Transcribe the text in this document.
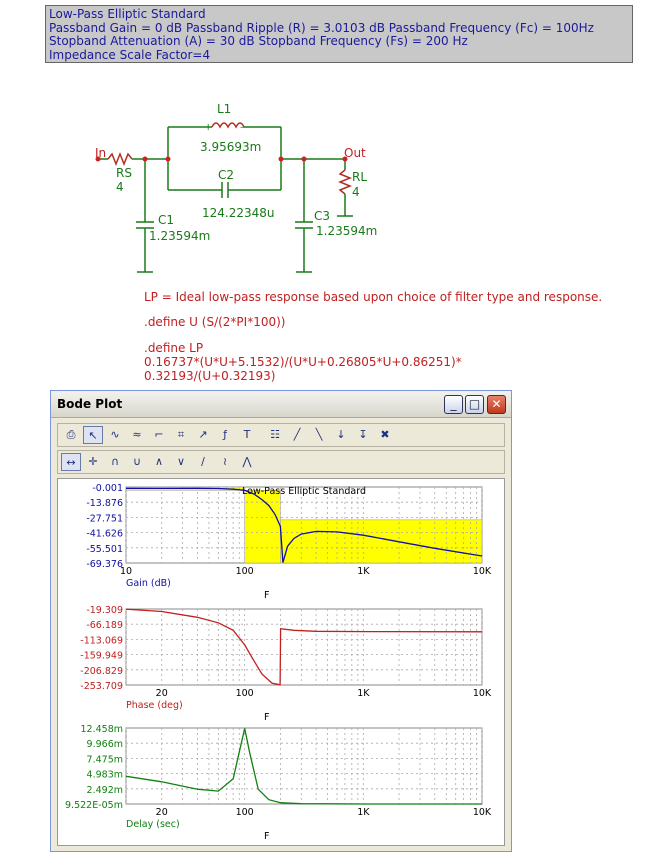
Low-Pass Elliptic Standard
Passband Gain = 0 dB Passband Ripple (R) = 3.0103 dB Passband Frequency (Fc) = 100Hz
Stopband Attenuation (A) = 30 dB Stopband Frequency (Fs) = 200 Hz
Impedance Scale Factor=4
In	Out
RS
4
L1
+	–
3.95693m
C2
124.22348u
C1
1.23594m
C3
1.23594m
RL
4
LP = Ideal low-pass response based upon choice of filter type and response.
.define U (S/(2*PI*100))
.define LP
0.16737*(U*U+5.1532)/(U*U+0.26805*U+0.86251)*
0.32193/(U+0.32193)
Bode Plot	_	□ ✕
⎙	↖	∿	≈	⌐	⌗	↗	ƒ	T	☷	╱	╲	↓	↧	✖
↔	✛	∩	∪	∧	∨	∕	≀	⋀
-0.001
-13.876
-27.751
-41.626
-55.501
-69.376
10	100	1K	10K
Gain (dB)
F
Low-Pass Elliptic Standard
-19.309
-66.189
-113.069
-159.949
-206.829
-253.709
20	100	1K	10K
Phase (deg)
F
12.458m
9.966m
7.475m
4.983m
2.492m
9.522E-05m
20	100	1K	10K
Delay (sec)
F
